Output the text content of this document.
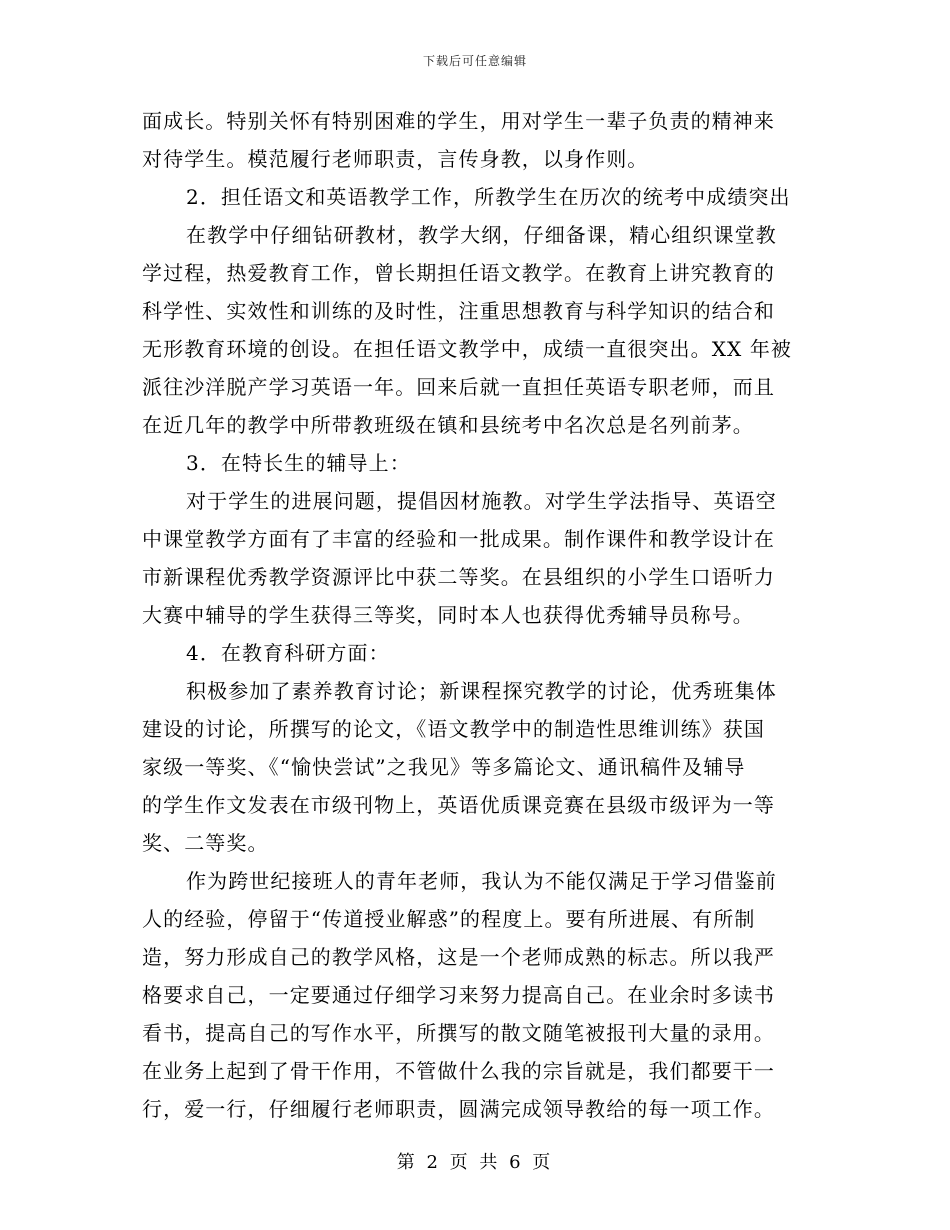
下载后可任意编辑
面成长。特别关怀有特别困难的学生，用对学生一辈子负责的精神来
对待学生。模范履行老师职责，言传身教，以身作则。
2．担任语文和英语教学工作，所教学生在历次的统考中成绩突出
在教学中仔细钻研教材，教学大纲，仔细备课，精心组织课堂教
学过程，热爱教育工作，曾长期担任语文教学。在教育上讲究教育的
科学性、实效性和训练的及时性，注重思想教育与科学知识的结合和
无形教育环境的创设。在担任语文教学中，成绩一直很突出。XX 年被
派往沙洋脱产学习英语一年。回来后就一直担任英语专职老师，而且
在近几年的教学中所带教班级在镇和县统考中名次总是名列前茅。
3．在特长生的辅导上：
对于学生的进展问题，提倡因材施教。对学生学法指导、英语空
中课堂教学方面有了丰富的经验和一批成果。制作课件和教学设计在
市新课程优秀教学资源评比中获二等奖。在县组织的小学生口语听力
大赛中辅导的学生获得三等奖，同时本人也获得优秀辅导员称号。
4．在教育科研方面：
积极参加了素养教育讨论；新课程探究教学的讨论，优秀班集体
建设的讨论，所撰写的论文，《语文教学中的制造性思维训练》获国
家级一等奖、《“愉快尝试”之我见》等多篇论文、通讯稿件及辅导
的学生作文发表在市级刊物上，英语优质课竞赛在县级市级评为一等
奖、二等奖。
作为跨世纪接班人的青年老师，我认为不能仅满足于学习借鉴前
人的经验，停留于“传道授业解惑”的程度上。要有所进展、有所制
造，努力形成自己的教学风格，这是一个老师成熟的标志。所以我严
格要求自己，一定要通过仔细学习来努力提高自己。在业余时多读书
看书，提高自己的写作水平，所撰写的散文随笔被报刊大量的录用。
在业务上起到了骨干作用，不管做什么我的宗旨就是，我们都要干一
行，爱一行，仔细履行老师职责，圆满完成领导教给的每一项工作。
第 2 页 共 6 页
